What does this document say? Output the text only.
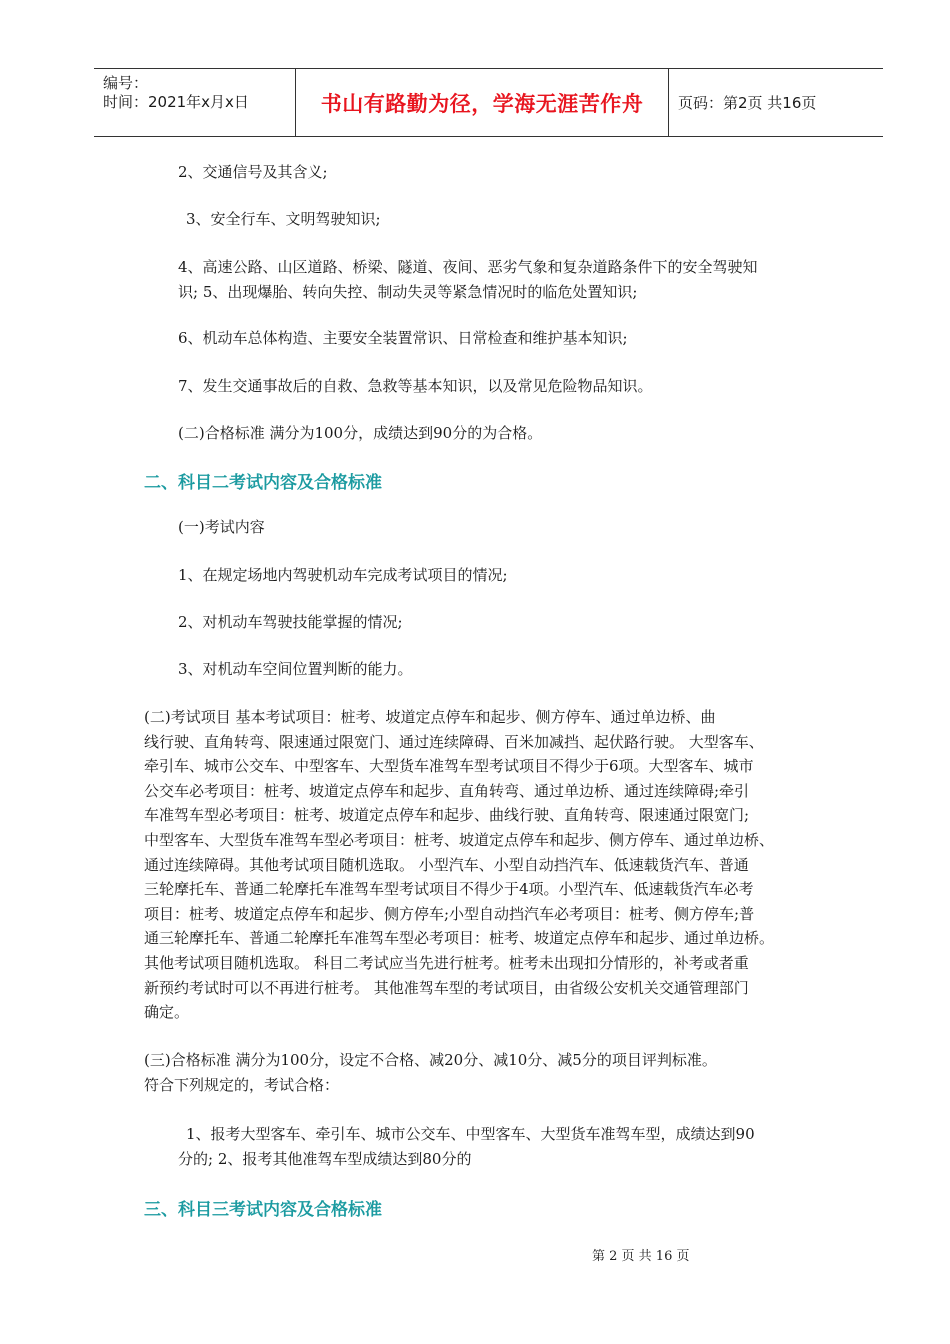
编号：
时间：2021年x月x日	书山有路勤为径，学海无涯苦作舟 页码：第2页 共16页
2、交通信号及其含义;
3、安全行车、文明驾驶知识;
4、高速公路、山区道路、桥梁、隧道、夜间、恶劣气象和复杂道路条件下的安全驾驶知
识; 5、出现爆胎、转向失控、制动失灵等紧急情况时的临危处置知识;
6、机动车总体构造、主要安全装置常识、日常检查和维护基本知识;
7、发生交通事故后的自救、急救等基本知识，以及常见危险物品知识。
(二)合格标准 满分为100分，成绩达到90分的为合格。
二、科目二考试内容及合格标准
(一)考试内容
1、在规定场地内驾驶机动车完成考试项目的情况;
2、对机动车驾驶技能掌握的情况;
3、对机动车空间位置判断的能力。
(二)考试项目 基本考试项目：桩考、坡道定点停车和起步、侧方停车、通过单边桥、曲
线行驶、直角转弯、限速通过限宽门、通过连续障碍、百米加减挡、起伏路行驶。 大型客车、
牵引车、城市公交车、中型客车、大型货车准驾车型考试项目不得少于6项。大型客车、城市
公交车必考项目：桩考、坡道定点停车和起步、直角转弯、通过单边桥、通过连续障碍;牵引
车准驾车型必考项目：桩考、坡道定点停车和起步、曲线行驶、直角转弯、限速通过限宽门;
中型客车、大型货车准驾车型必考项目：桩考、坡道定点停车和起步、侧方停车、通过单边桥、
通过连续障碍。其他考试项目随机选取。 小型汽车、小型自动挡汽车、低速载货汽车、普通
三轮摩托车、普通二轮摩托车准驾车型考试项目不得少于4项。小型汽车、低速载货汽车必考
项目：桩考、坡道定点停车和起步、侧方停车;小型自动挡汽车必考项目：桩考、侧方停车;普
通三轮摩托车、普通二轮摩托车准驾车型必考项目：桩考、坡道定点停车和起步、通过单边桥。
其他考试项目随机选取。 科目二考试应当先进行桩考。桩考未出现扣分情形的，补考或者重
新预约考试时可以不再进行桩考。 其他准驾车型的考试项目，由省级公安机关交通管理部门
确定。
(三)合格标准 满分为100分，设定不合格、减20分、减10分、减5分的项目评判标准。
符合下列规定的，考试合格：
1、报考大型客车、牵引车、城市公交车、中型客车、大型货车准驾车型，成绩达到90
分的; 2、报考其他准驾车型成绩达到80分的
三、科目三考试内容及合格标准
第 2 页 共 16 页
